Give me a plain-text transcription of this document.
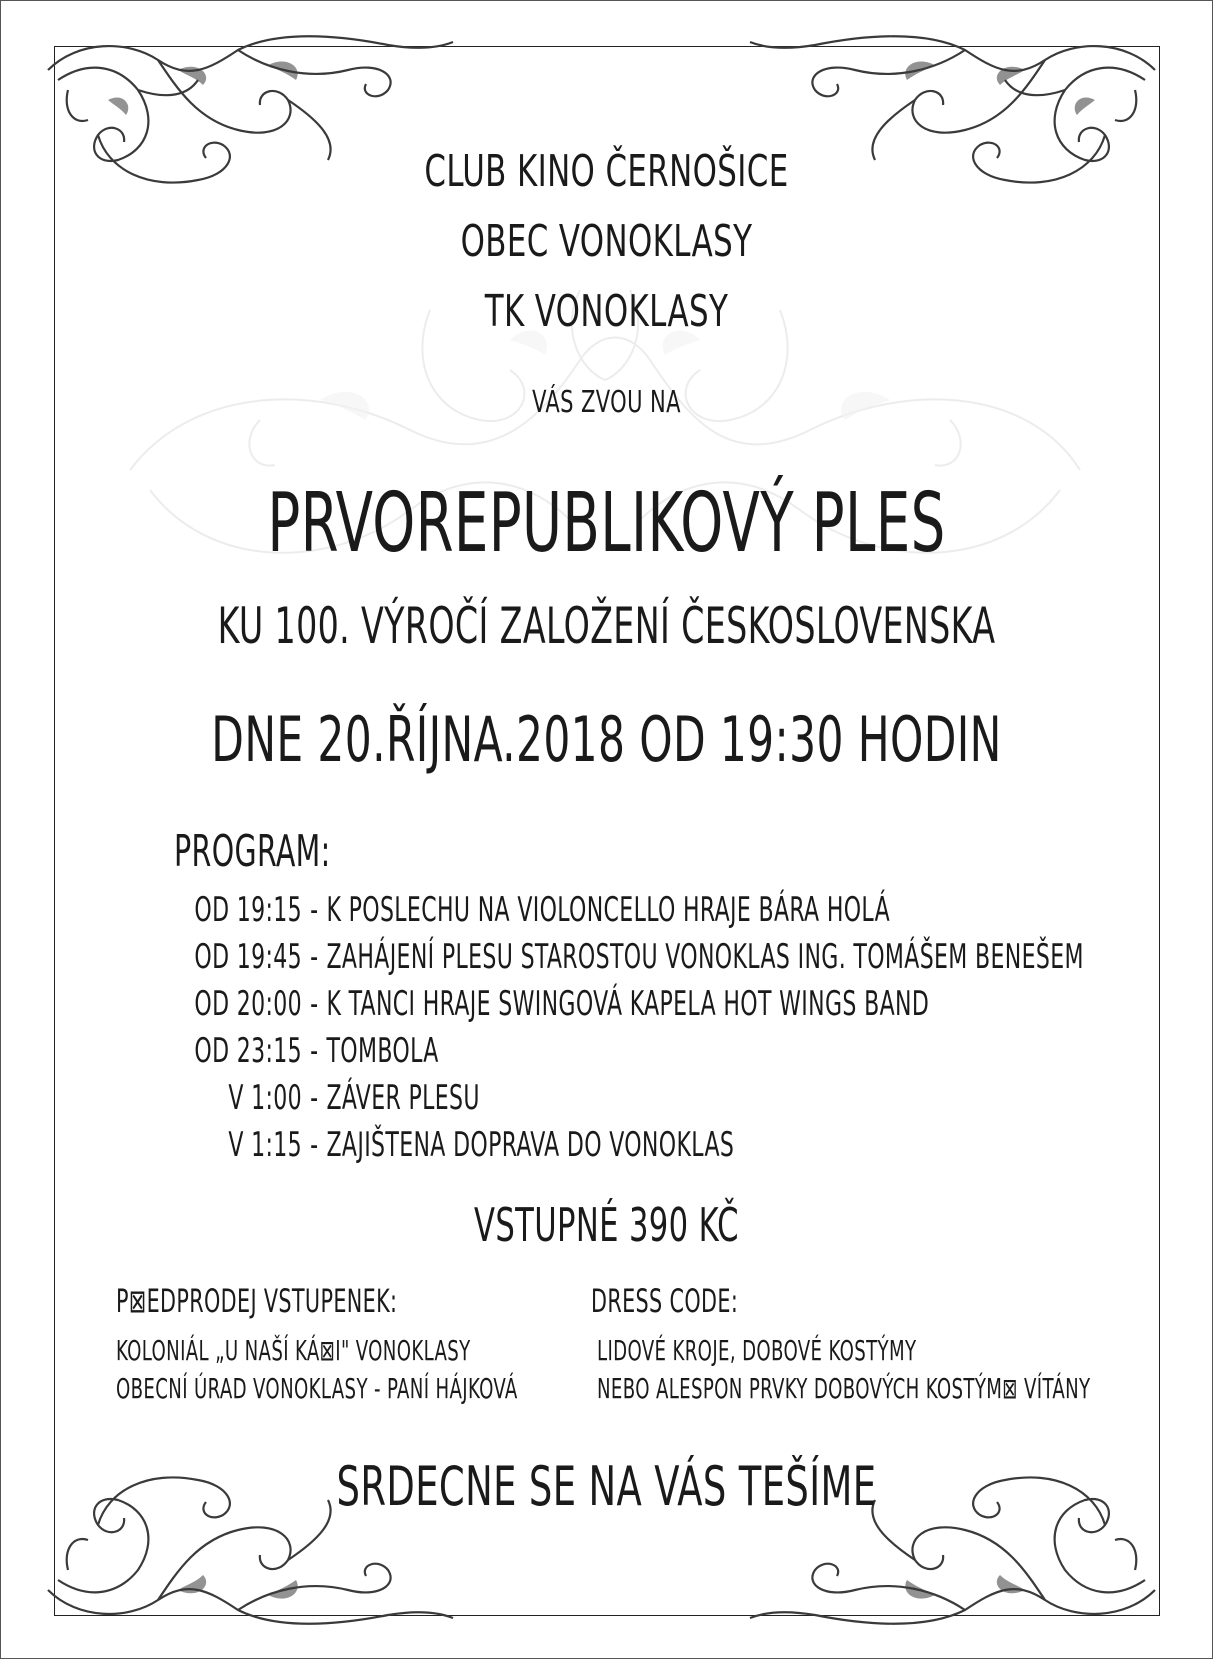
CLUB KINO ČERNOŠICE
OBEC VONOKLASY
TK VONOKLASY
VÁS ZVOU NA
PRVOREPUBLIKOVÝ PLES
KU 100. VÝROČÍ ZALOŽENÍ ČESKOSLOVENSKA
DNE 20.ŘÍJNA.2018 OD 19:30 HODIN
PROGRAM:
OD 19:15 - K POSLECHU NA VIOLONCELLO HRAJE BÁRA HOLÁ
OD 19:45 - ZAHÁJENÍ PLESU STAROSTOU VONOKLAS ING. TOMÁŠEM BENEŠEM
OD 20:00 - K TANCI HRAJE SWINGOVÁ KAPELA HOT WINGS BAND
OD 23:15 - TOMBOLA
V 1:00 - ZÁVER PLESU
V 1:15 - ZAJIŠTENA DOPRAVA DO VONOKLAS
VSTUPNÉ 390 KČ
P⊠EDPRODEJ VSTUPENEK:
KOLONIÁL „U NAŠÍ KÁ⊠I" VONOKLASY
OBECNÍ ÚRAD VONOKLASY - PANÍ HÁJKOVÁ
DRESS CODE:
LIDOVÉ KROJE, DOBOVÉ KOSTÝMY
NEBO ALESPON PRVKY DOBOVÝCH KOSTÝM⊠ VÍTÁNY
SRDECNE SE NA VÁS TEŠÍME
